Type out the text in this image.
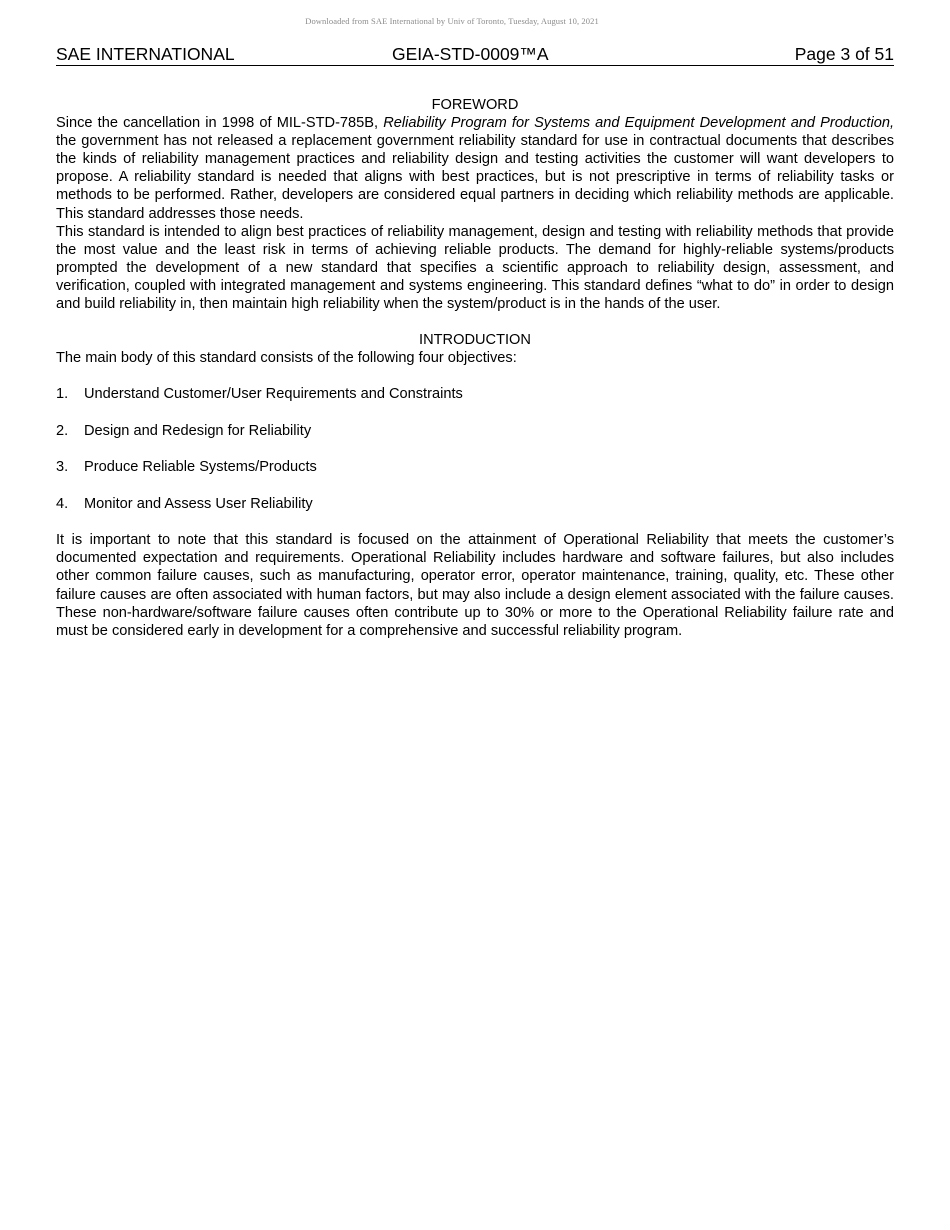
Downloaded from SAE International by Univ of Toronto, Tuesday, August 10, 2021
SAE INTERNATIONAL	GEIA-STD-0009™A	Page 3 of 51
FOREWORD

Since the cancellation in 1998 of MIL-STD-785B, Reliability Program for Systems and Equipment Development and Production, the government has not released a replacement government reliability standard for use in contractual documents that describes the kinds of reliability management practices and reliability design and testing activities the customer will want developers to propose. A reliability standard is needed that aligns with best practices, but is not prescriptive in terms of reliability tasks or methods to be performed. Rather, developers are considered equal partners in deciding which reliability methods are applicable. This standard addresses those needs.

This standard is intended to align best practices of reliability management, design and testing with reliability methods that provide the most value and the least risk in terms of achieving reliable products. The demand for highly-reliable systems/products prompted the development of a new standard that specifies a scientific approach to reliability design, assessment, and verification, coupled with integrated management and systems engineering. This standard defines “what to do” in order to design and build reliability in, then maintain high reliability when the system/product is in the hands of the user.

INTRODUCTION

The main body of this standard consists of the following four objectives:

1. Understand Customer/User Requirements and Constraints
2. Design and Redesign for Reliability
3. Produce Reliable Systems/Products
4. Monitor and Assess User Reliability

It is important to note that this standard is focused on the attainment of Operational Reliability that meets the customer’s documented expectation and requirements. Operational Reliability includes hardware and software failures, but also includes other common failure causes, such as manufacturing, operator error, operator maintenance, training, quality, etc. These other failure causes are often associated with human factors, but may also include a design element associated with the failure causes. These non-hardware/software failure causes often contribute up to 30% or more to the Operational Reliability failure rate and must be considered early in development for a comprehensive and successful reliability program.
